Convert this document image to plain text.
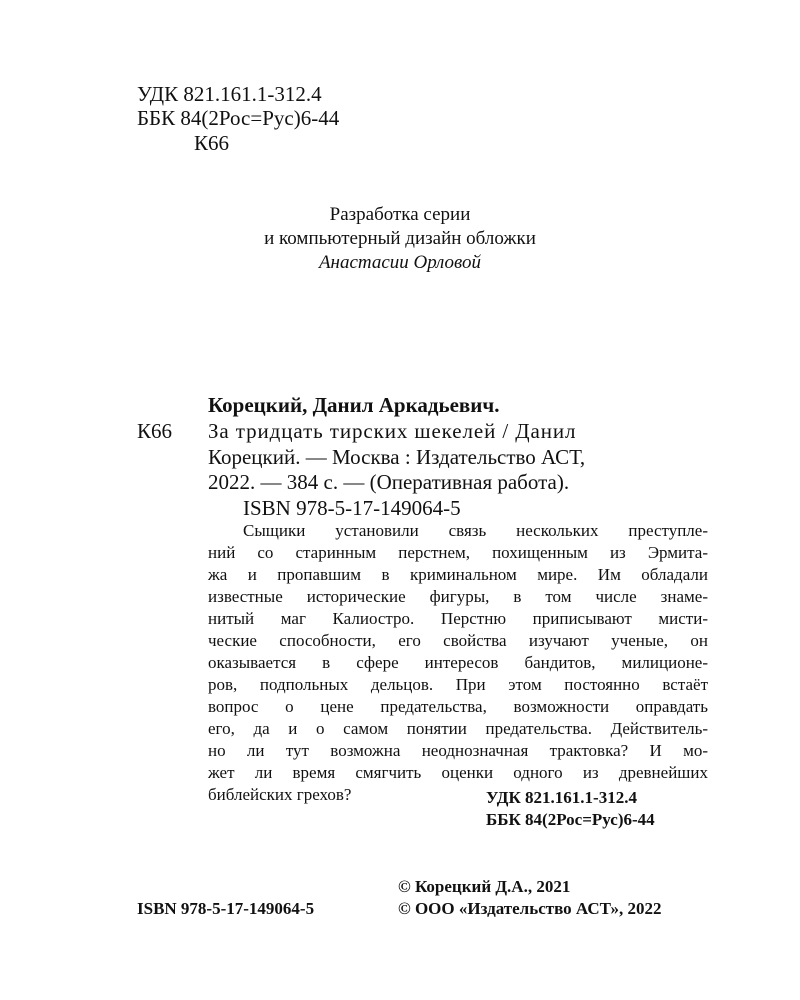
УДК 821.161.1-312.4
ББК 84(2Рос=Рус)6-44
К66
Разработка серии
и компьютерный дизайн обложки
Анастасии Орловой
Корецкий, Данил Аркадьевич.
К66 За тридцать тирских шекелей / Данил
Корецкий. — Москва : Издательство АСТ,
2022. — 384 с. — (Оперативная работа).
ISBN 978-5-17-149064-5

Сыщики установили связь нескольких преступле-
ний со старинным перстнем, похищенным из Эрмита-
жа и пропавшим в криминальном мире. Им обладали
известные исторические фигуры, в том числе знаме-
нитый маг Калиостро. Перстню приписывают мисти-
ческие способности, его свойства изучают ученые, он
оказывается в сфере интересов бандитов, милиционе-
ров, подпольных дельцов. При этом постоянно встаёт
вопрос о цене предательства, возможности оправдать
его, да и о самом понятии предательства. Действитель-
но ли тут возможна неоднозначная трактовка? И мо-
жет ли время смягчить оценки одного из древнейших
библейских грехов?	УДК 821.161.1-312.4
ББК 84(2Рос=Рус)6-44
ISBN 978-5-17-149064-5
© Корецкий Д.А., 2021
© ООО «Издательство АСТ», 2022
